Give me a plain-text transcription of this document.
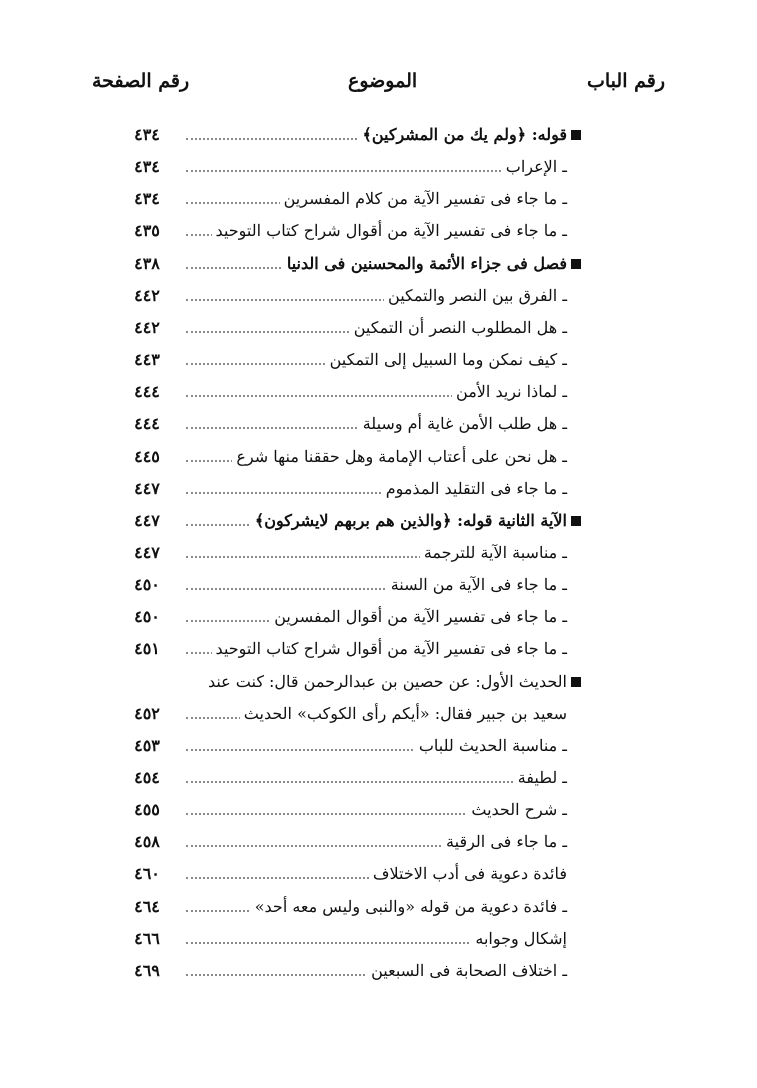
رقم الباب
الموضوع
رقم الصفحة
قوله: ﴿ولم يك من المشركين﴾
٤٣٤
ـ الإعراب
٤٣٤
ـ ما جاء فى تفسير الآية من كلام المفسرين
٤٣٤
ـ ما جاء فى تفسير الآية من أقوال شراح كتاب التوحيد
٤٣٥
فصل فى جزاء الأئمة والمحسنين فى الدنيا
٤٣٨
ـ الفرق بين النصر والتمكين
٤٤٢
ـ هل المطلوب النصر أن التمكين
٤٤٢
ـ كيف نمكن وما السبيل إلى التمكين
٤٤٣
ـ لماذا نريد الأمن
٤٤٤
ـ هل طلب الأمن غاية أم وسيلة
٤٤٤
ـ هل نحن على أعتاب الإمامة وهل حققنا منها شرع
٤٤٥
ـ ما جاء فى التقليد المذموم
٤٤٧
الآية الثانية قوله: ﴿والذين هم بربهم لايشركون﴾
٤٤٧
ـ مناسبة الآية للترجمة
٤٤٧
ـ ما جاء فى الآية من السنة
٤٥٠
ـ ما جاء فى تفسير الآية من أقوال المفسرين
٤٥٠
ـ ما جاء فى تفسير الآية من أقوال شراح كتاب التوحيد
٤٥١
الحديث الأول: عن حصين بن عبدالرحمن قال: كنت عند
سعيد بن جبير فقال: «أيكم رأى الكوكب» الحديث
٤٥٢
ـ مناسبة الحديث للباب
٤٥٣
ـ لطيفة
٤٥٤
ـ شرح الحديث
٤٥٥
ـ ما جاء فى الرقية
٤٥٨
فائدة دعوية فى أدب الاختلاف
٤٦٠
ـ فائدة دعوية من قوله «والنبى وليس معه أحد»
٤٦٤
إشكال وجوابه
٤٦٦
ـ اختلاف الصحابة فى السبعين
٤٦٩
